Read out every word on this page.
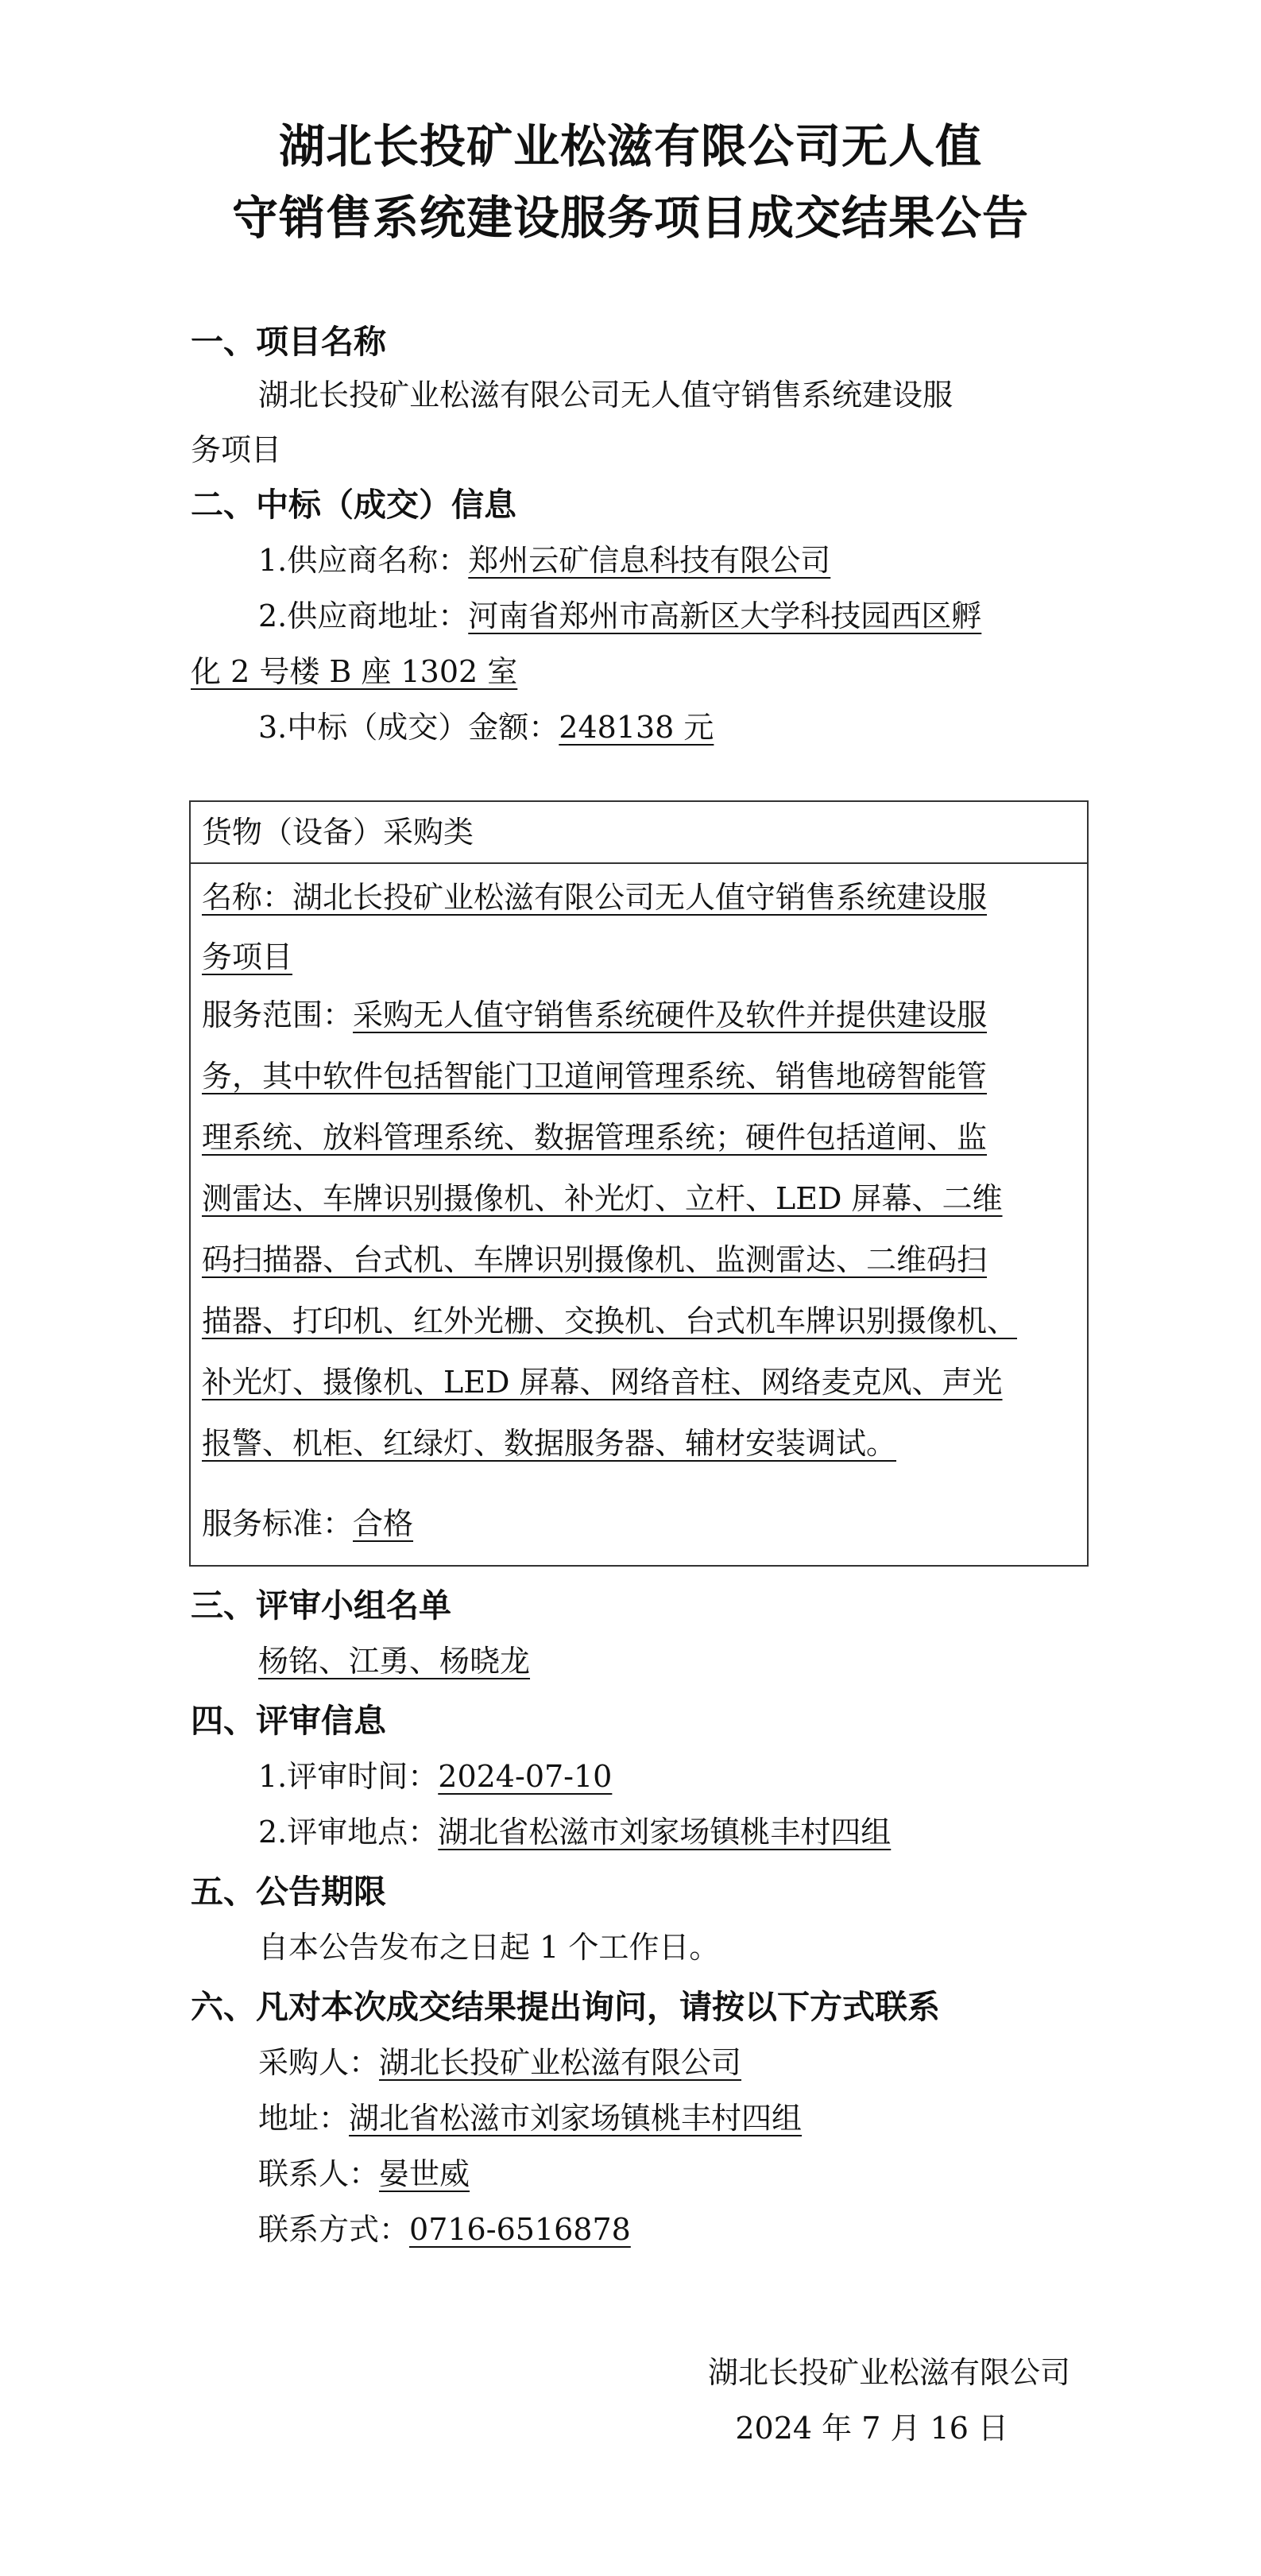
湖北长投矿业松滋有限公司无人值
守销售系统建设服务项目成交结果公告
一、项目名称
湖北长投矿业松滋有限公司无人值守销售系统建设服
务项目
二、中标（成交）信息
1.供应商名称：郑州云矿信息科技有限公司
2.供应商地址：河南省郑州市高新区大学科技园西区孵
化 2 号楼 B 座 1302 室
3.中标（成交）金额：248138 元
货物（设备）采购类
名称：湖北长投矿业松滋有限公司无人值守销售系统建设服
务项目
服务范围：采购无人值守销售系统硬件及软件并提供建设服
务，其中软件包括智能门卫道闸管理系统、销售地磅智能管
理系统、放料管理系统、数据管理系统；硬件包括道闸、监
测雷达、车牌识别摄像机、补光灯、立杆、LED 屏幕、二维
码扫描器、台式机、车牌识别摄像机、监测雷达、二维码扫
描器、打印机、红外光栅、交换机、台式机车牌识别摄像机、
补光灯、摄像机、LED 屏幕、网络音柱、网络麦克风、声光
报警、机柜、红绿灯、数据服务器、辅材安装调试。
服务标准：合格
三、评审小组名单
杨铭、江勇、杨晓龙
四、评审信息
1.评审时间：2024-07-10
2.评审地点：湖北省松滋市刘家场镇桃丰村四组
五、公告期限
自本公告发布之日起 1 个工作日。
六、凡对本次成交结果提出询问，请按以下方式联系
采购人：湖北长投矿业松滋有限公司
地址：湖北省松滋市刘家场镇桃丰村四组
联系人：晏世威
联系方式：0716-6516878
湖北长投矿业松滋有限公司
2024 年 7 月 16 日
